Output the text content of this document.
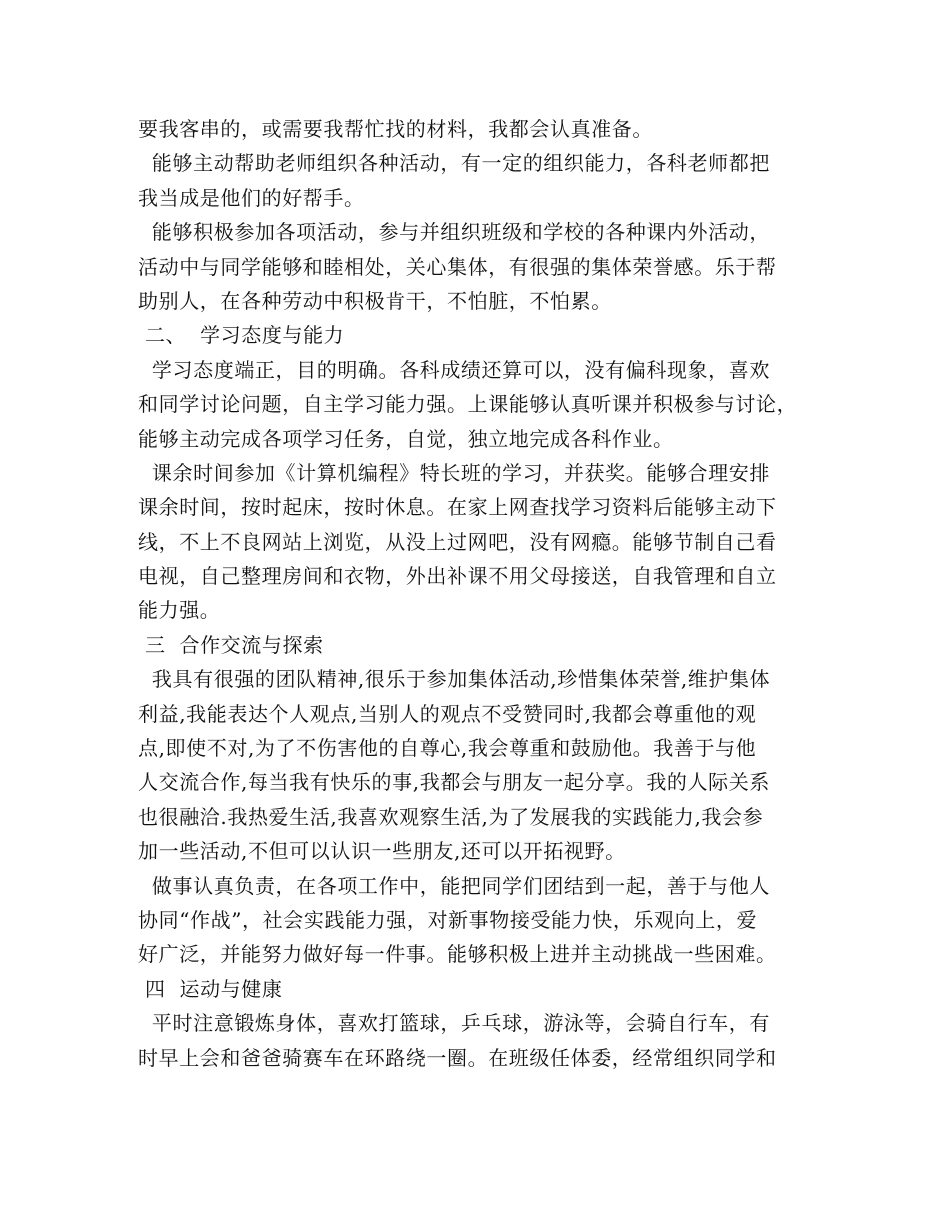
要我客串的，或需要我帮忙找的材料，我都会认真准备。
能够主动帮助老师组织各种活动，有一定的组织能力，各科老师都把
我当成是他们的好帮手。
能够积极参加各项活动，参与并组织班级和学校的各种课内外活动，
活动中与同学能够和睦相处，关心集体，有很强的集体荣誉感。乐于帮
助别人，在各种劳动中积极肯干，不怕脏，不怕累。
二、  学习态度与能力
学习态度端正，目的明确。各科成绩还算可以，没有偏科现象，喜欢
和同学讨论问题，自主学习能力强。上课能够认真听课并积极参与讨论，
能够主动完成各项学习任务，自觉，独立地完成各科作业。
课余时间参加《计算机编程》特长班的学习，并获奖。能够合理安排
课余时间，按时起床，按时休息。在家上网查找学习资料后能够主动下
线，不上不良网站上浏览，从没上过网吧，没有网瘾。能够节制自己看
电视，自己整理房间和衣物，外出补课不用父母接送，自我管理和自立
能力强。
三  合作交流与探索
我具有很强的团队精神,很乐于参加集体活动,珍惜集体荣誉,维护集体
利益,我能表达个人观点,当别人的观点不受赞同时,我都会尊重他的观
点,即使不对,为了不伤害他的自尊心,我会尊重和鼓励他。我善于与他
人交流合作,每当我有快乐的事,我都会与朋友一起分享。我的人际关系
也很融洽.我热爱生活,我喜欢观察生活,为了发展我的实践能力,我会参
加一些活动,不但可以认识一些朋友,还可以开拓视野。
做事认真负责，在各项工作中，能把同学们团结到一起，善于与他人
协同“作战”，社会实践能力强，对新事物接受能力快，乐观向上，爱
好广泛，并能努力做好每一件事。能够积极上进并主动挑战一些困难。
四  运动与健康
平时注意锻炼身体，喜欢打篮球，乒乓球，游泳等，会骑自行车，有
时早上会和爸爸骑赛车在环路绕一圈。在班级任体委，经常组织同学和
